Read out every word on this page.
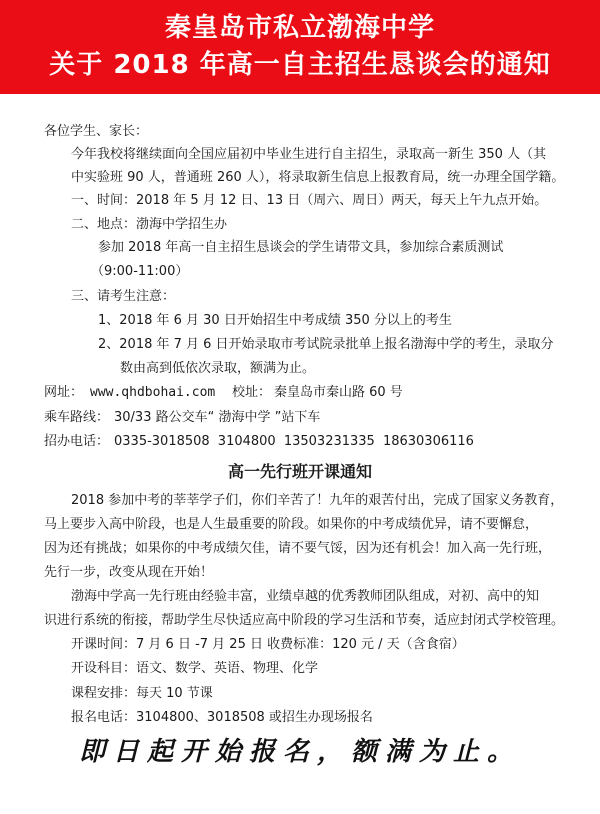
秦皇岛市私立渤海中学
关于 2018 年高一自主招生恳谈会的通知
各位学生、家长：
今年我校将继续面向全国应届初中毕业生进行自主招生，录取高一新生 350 人（其
中实验班 90 人，普通班 260 人），将录取新生信息上报教育局，统一办理全国学籍。
一、时间：2018 年 5 月 12 日、13 日（周六、周日）两天，每天上午九点开始。
二、地点：渤海中学招生办
参加 2018 年高一自主招生恳谈会的学生请带文具，参加综合素质测试
（9:00-11:00）
三、请考生注意：
1、2018 年 6 月 30 日开始招生中考成绩 350 分以上的考生
2、2018 年 7 月 6 日开始录取市考试院录批单上报名渤海中学的考生，录取分
数由高到低依次录取，额满为止。
网址： www.qhdbohai.com 校址： 秦皇岛市秦山路 60 号
乘车路线： 30/33 路公交车“ 渤海中学 ”站下车
招办电话： 0335-3018508 3104800 13503231335 18630306116
高一先行班开课通知
2018 参加中考的莘莘学子们，你们辛苦了！九年的艰苦付出，完成了国家义务教育，
马上要步入高中阶段，也是人生最重要的阶段。如果你的中考成绩优异，请不要懈怠，
因为还有挑战；如果你的中考成绩欠佳，请不要气馁，因为还有机会！加入高一先行班，
先行一步，改变从现在开始！
渤海中学高一先行班由经验丰富，业绩卓越的优秀教师团队组成，对初、高中的知
识进行系统的衔接，帮助学生尽快适应高中阶段的学习生活和节奏，适应封闭式学校管理。
开课时间：7 月 6 日 -7 月 25 日 收费标准：120 元 / 天（含食宿）
开设科目：语文、数学、英语、物理、化学
课程安排：每天 10 节课
报名电话：3104800、3018508 或招生办现场报名
即日起开始报名，额满为止。
